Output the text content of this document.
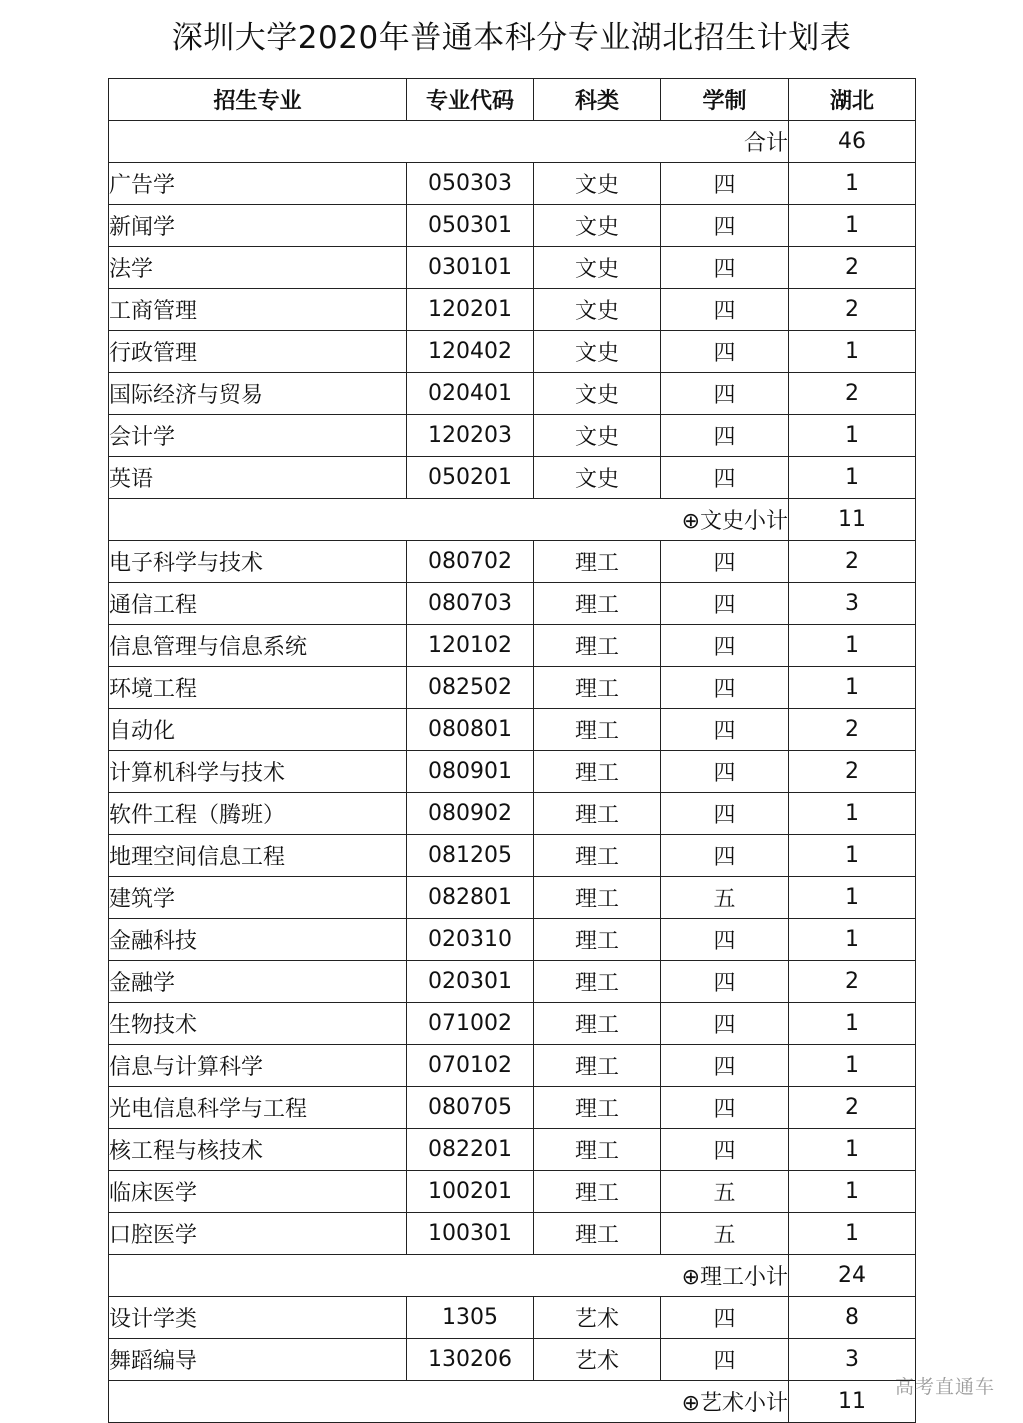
深圳大学2020年普通本科分专业湖北招生计划表
招生专业	专业代码	科类	学制	湖北
合计				46
广告学	050303	文史	四	1
新闻学	050301	文史	四	1
法学	030101	文史	四	2
工商管理	120201	文史	四	2
行政管理	120402	文史	四	1
国际经济与贸易	020401	文史	四	2
会计学	120203	文史	四	1
英语	050201	文史	四	1
⊕文史小计				11
电子科学与技术	080702	理工	四	2
通信工程	080703	理工	四	3
信息管理与信息系统	120102	理工	四	1
环境工程	082502	理工	四	1
自动化	080801	理工	四	2
计算机科学与技术	080901	理工	四	2
软件工程（腾班）	080902	理工	四	1
地理空间信息工程	081205	理工	四	1
建筑学	082801	理工	五	1
金融科技	020310	理工	四	1
金融学	020301	理工	四	2
生物技术	071002	理工	四	1
信息与计算科学	070102	理工	四	1
光电信息科学与工程	080705	理工	四	2
核工程与核技术	082201	理工	四	1
临床医学	100201	理工	五	1
口腔医学	100301	理工	五	1
⊕理工小计				24
设计学类	1305	艺术	四	8
舞蹈编导	130206	艺术	四	3
⊕艺术小计				11
高考直通车
